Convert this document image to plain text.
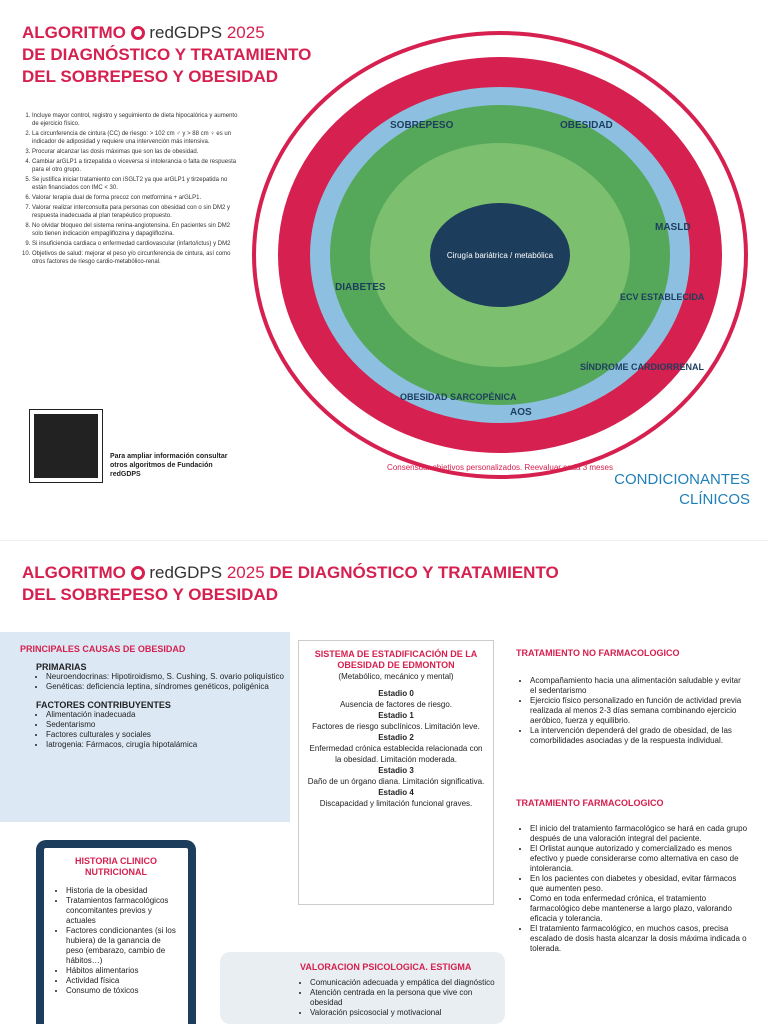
ALGORITMO redGDPS 2025
DE DIAGNÓSTICO Y TRATAMIENTO
DEL SOBREPESO Y OBESIDAD
1. Incluye mayor control, registro y seguimiento de dieta hipocalórica y aumento de ejercicio físico.
2. La circunferencia de cintura (CC) de riesgo: > 102 cm ♂ y > 88 cm ♀ es un indicador de adiposidad y requiere una intervención más intensiva.
3. Procurar alcanzar las dosis máximas que son las de obesidad.
4. Cambiar arGLP1 a tirzepatida o viceversa si intolerancia o falta de respuesta para el otro grupo.
5. Se justifica iniciar tratamiento con iSGLT2 ya que arGLP1 y tirzepatida no están financiados con IMC < 30.
6. Valorar terapia dual de forma precoz con metformina + arGLP1.
7. Valorar realizar interconsulta para personas con obesidad con o sin DM2 y respuesta inadecuada al plan terapéutico propuesto.
8. No olvidar bloqueo del sistema renina-angiotensina. En pacientes sin DM2 solo tienen indicación empagliflozina y dapagliflozina.
9. Si insuficiencia cardiaca o enfermedad cardiovascular (infarto/ictus) y DM2
10. Objetivos de salud: mejorar el peso y/o circunferencia de cintura, así como otros factores de riesgo cardio-metabólico-renal.
Para ampliar información consultar otros algoritmos de Fundación redGDPS
Cirugía bariátrica / metabólica
SOBREPESO	OBESIDAD
DIABETES
MASLD
ECV ESTABLECIDA
SÍNDROME CARDIORRENAL
AOS
OBESIDAD SARCOPÉNICA
Consensuar objetivos personalizados. Reevaluar cada 3 meses
CONDICIONANTES CLÍNICOS
ALGORITMO redGDPS 2025 DE DIAGNÓSTICO Y TRATAMIENTO
DEL SOBREPESO Y OBESIDAD
PRINCIPALES CAUSAS DE OBESIDAD
PRIMARIAS
• Neuroendocrinas: Hipotiroidismo, S. Cushing, S. ovario poliquístico
• Genéticas: deficiencia leptina, síndromes genéticos, poligénica
FACTORES CONTRIBUYENTES
• Alimentación inadecuada
• Sedentarismo
• Factores culturales y sociales
• Iatrogenia: Fármacos, cirugía hipotalámica
SISTEMA DE ESTADIFICACIÓN DE LA OBESIDAD DE EDMONTON
(Metabólico, mecánico y mental)
Estadio 0
Ausencia de factores de riesgo.
Estadio 1
Factores de riesgo subclínicos. Limitación leve.
Estadio 2
Enfermedad crónica establecida relacionada con la obesidad. Limitación moderada.
Estadio 3
Daño de un órgano diana. Limitación significativa.
Estadio 4
Discapacidad y limitación funcional graves.
TRATAMIENTO NO FARMACOLOGICO
• Acompañamiento hacia una alimentación saludable y evitar el sedentarismo
• Ejercicio físico personalizado en función de actividad previa realizada al menos 2-3 días semana combinando ejercicio aeróbico, fuerza y equilibrio.
• La intervención dependerá del grado de obesidad, de las comorbilidades asociadas y de la respuesta individual.
TRATAMIENTO FARMACOLOGICO
• El inicio del tratamiento farmacológico se hará en cada grupo después de una valoración integral del paciente.
• El Orlistat aunque autorizado y comercializado es menos efectivo y puede considerarse como alternativa en caso de intolerancia.
• En los pacientes con diabetes y obesidad, evitar fármacos que aumenten peso.
• Como en toda enfermedad crónica, el tratamiento farmacológico debe mantenerse a largo plazo, valorando eficacia y tolerancia.
• El tratamiento farmacológico, en muchos casos, precisa escalado de dosis hasta alcanzar la dosis máxima indicada o tolerada.
HISTORIA CLINICO NUTRICIONAL
• Historia de la obesidad
• Tratamientos farmacológicos concomitantes previos y actuales
• Factores condicionantes (si los hubiera) de la ganancia de peso (embarazo, cambio de hábitos…)
• Hábitos alimentarios
• Actividad física
• Consumo de tóxicos
VALORACION PSICOLOGICA. ESTIGMA
• Comunicación adecuada y empática del diagnóstico
• Atención centrada en la persona que vive con obesidad
• Valoración psicosocial y motivacional
